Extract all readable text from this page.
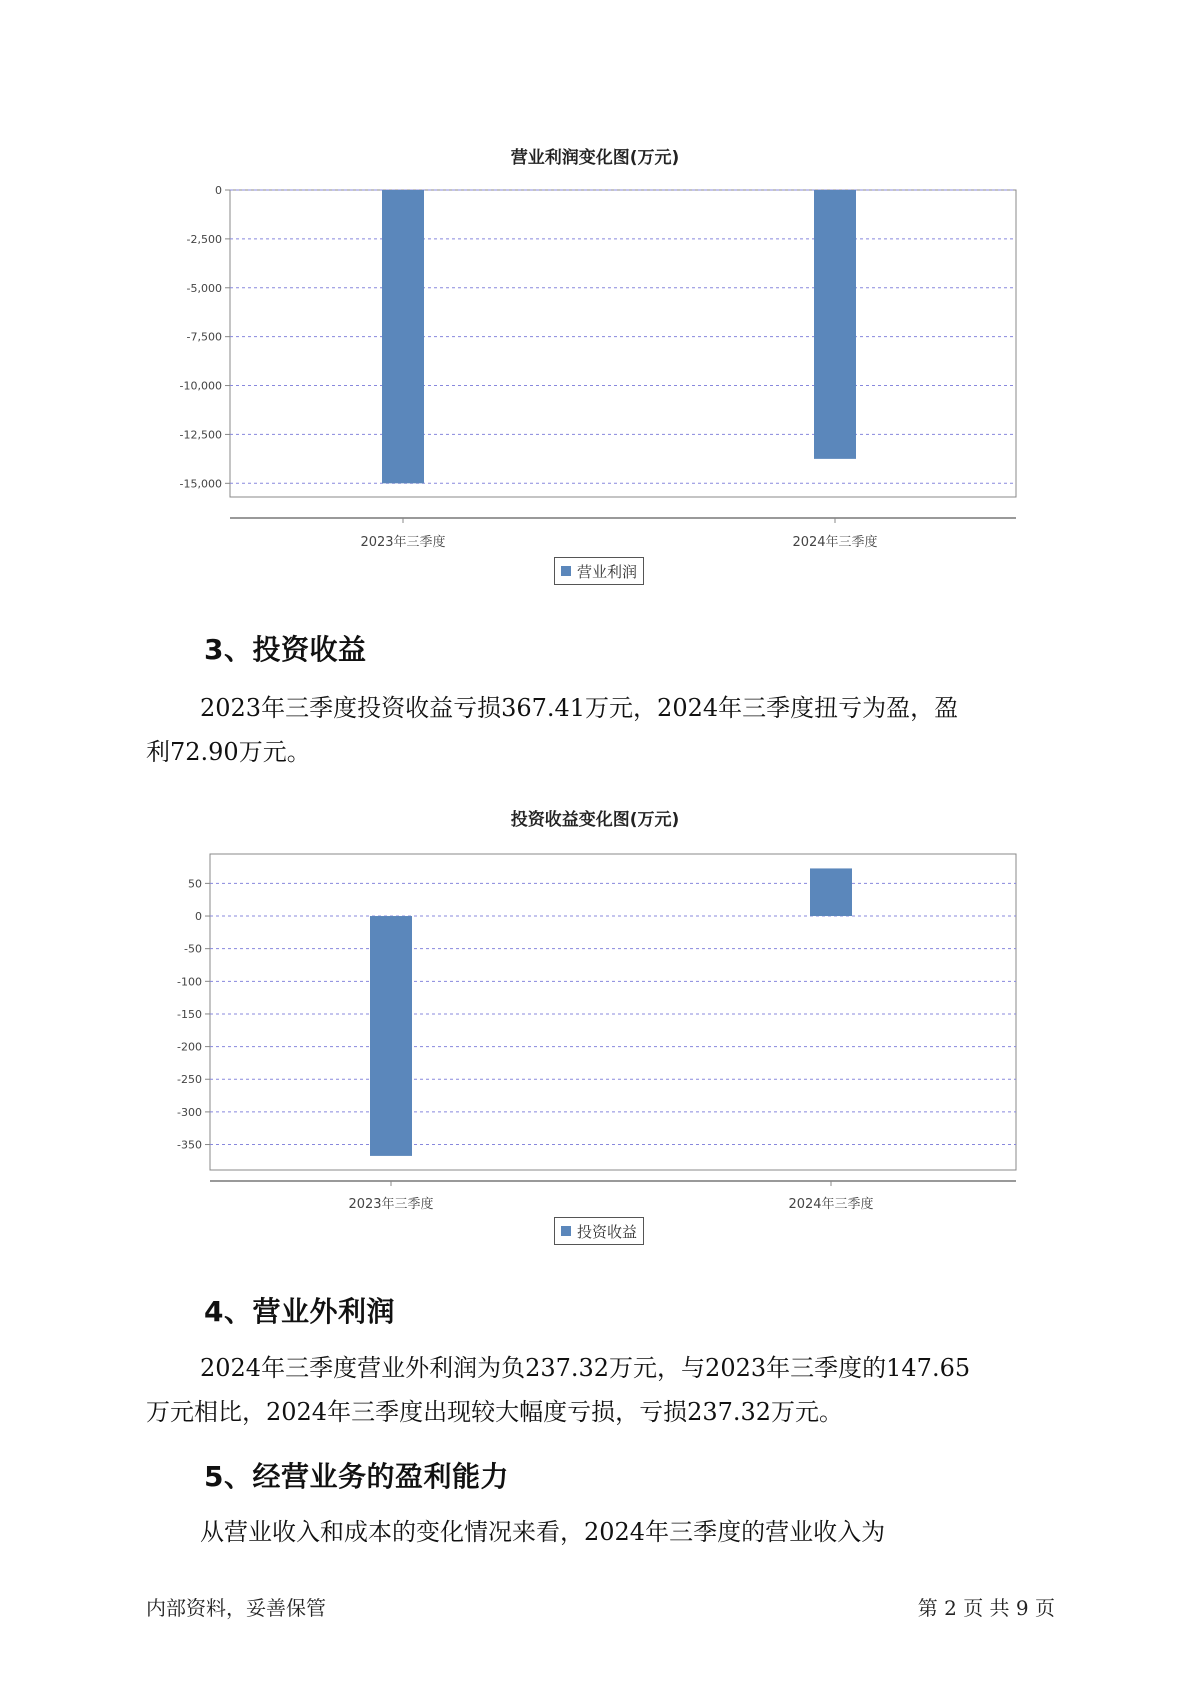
营业利润变化图(万元)
0
-2,500
-5,000
-7,500
-10,000
-12,500
-15,000
2023年三季度	2024年三季度
营业利润
3、投资收益
2023年三季度投资收益亏损367.41万元，2024年三季度扭亏为盈，盈
利72.90万元。
投资收益变化图(万元)
50
0
-50
-100
-150
-200
-250
-300
-350
2023年三季度	2024年三季度
投资收益
4、营业外利润
2024年三季度营业外利润为负237.32万元，与2023年三季度的147.65
万元相比，2024年三季度出现较大幅度亏损，亏损237.32万元。
5、经营业务的盈利能力
从营业收入和成本的变化情况来看，2024年三季度的营业收入为
内部资料，妥善保管	第 2 页 共 9 页
